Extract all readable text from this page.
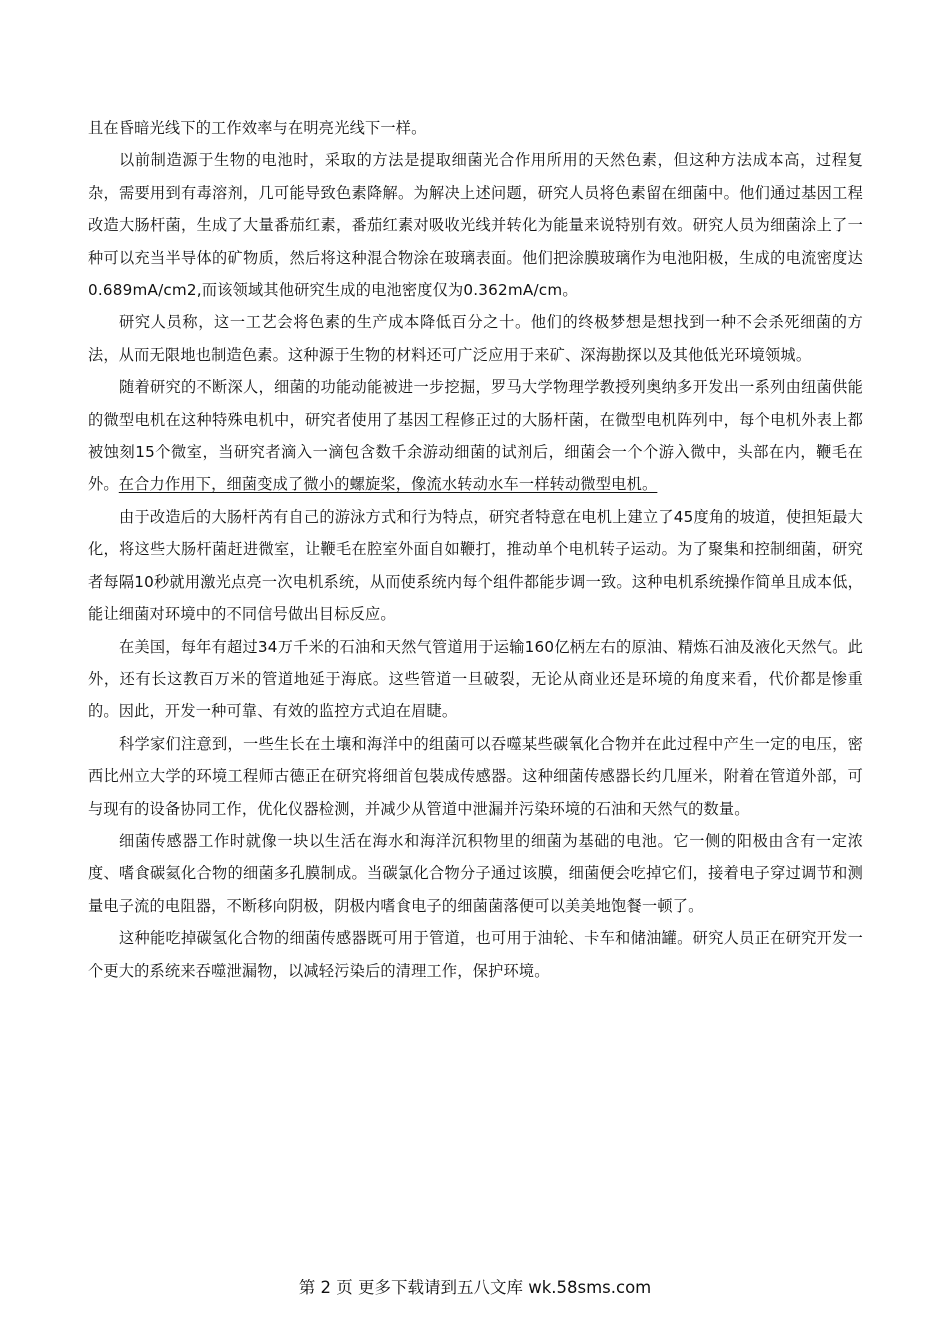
且在昏暗光线下的工作效率与在明亮光线下一样。

以前制造源于生物的电池时，采取的方法是提取细菌光合作用所用的天然色素，但这种方法成本高，过程复杂，需要用到有毒溶剂，几可能导致色素降解。为解决上述问题，研究人员将色素留在细菌中。他们通过基因工程改造大肠杆菌，生成了大量番茄红素，番茄红素对吸收光线并转化为能量来说特别有效。研究人员为细菌涂上了一种可以充当半导体的矿物质，然后将这种混合物涂在玻璃表面。他们把涂膜玻璃作为电池阳极，生成的电流密度达0.689mA/cm2,而该领域其他研究生成的电池密度仅为0.362mA/cm。

研究人员称，这一工艺会将色素的生产成本降低百分之十。他们的终极梦想是想找到一种不会杀死细菌的方法，从而无限地也制造色素。这种源于生物的材料还可广泛应用于来矿、深海勘探以及其他低光环境领城。

随着研究的不断深人，细菌的功能动能被进一步挖掘，罗马大学物理学教授列奥纳多开发出一系列由纽菌供能的微型电机在这种特殊电机中，研究者使用了基因工程修正过的大肠杆菌，在微型电机阵列中，每个电机外表上都被蚀刻15个微室，当研究者滴入一滴包含数千余游动细菌的试剂后，细菌会一个个游入微中，头部在内，鞭毛在外。在合力作用下，细菌变成了微小的螺旋桨，像流水转动水车一样转动微型电机。

由于改造后的大肠杆芮有自己的游泳方式和行为特点，研究者特意在电机上建立了45度角的坡道，使担矩最大化，将这些大肠杆菌赶进微室，让鞭毛在腔室外面自如鞭打，推动单个电机转子运动。为了聚集和控制细菌，研究者每隔10秒就用激光点亮一次电机系统，从而使系统内每个组件都能步调一致。这种电机系统操作简单且成本低，能让细菌对环境中的不同信号做出目标反应。

在美国，每年有超过34万千米的石油和天然气管道用于运输160亿柄左右的原油、精炼石油及液化天然气。此外，还有长这教百万米的管道地延于海底。这些管道一旦破裂，无论从商业还是环境的角度来看，代价都是惨重的。因此，开发一种可靠、有效的监控方式迫在眉睫。

科学家们注意到，一些生长在土壤和海洋中的组菌可以吞噬某些碳氧化合物并在此过程中产生一定的电压，密西比州立大学的环境工程师古德正在研究将细首包裝成传感器。这种细菌传感器长约几厘米，附着在管道外部，可与现有的设备协同工作，优化仪器检测，并减少从管道中泄漏并污染环境的石油和天然气的数量。

细菌传感器工作时就像一块以生活在海水和海洋沉积物里的细菌为基础的电池。它一侧的阳极由含有一定浓度、嗜食碳氦化合物的细菌多孔膜制成。当碳氯化合物分子通过该膜，细菌便会吃掉它们，接着电子穿过调节和测量电子流的电阻器，不断移向阴极，阴极内嗜食电子的细菌菌落便可以美美地饱餐一顿了。

这种能吃掉碳氢化合物的细菌传感器既可用于管道，也可用于油轮、卡车和储油罐。研究人员正在研究开发一个更大的系统来吞噬泄漏物，以减轻污染后的清理工作，保护环境。

第 2 页 更多下载请到五八文库 wk.58sms.com
